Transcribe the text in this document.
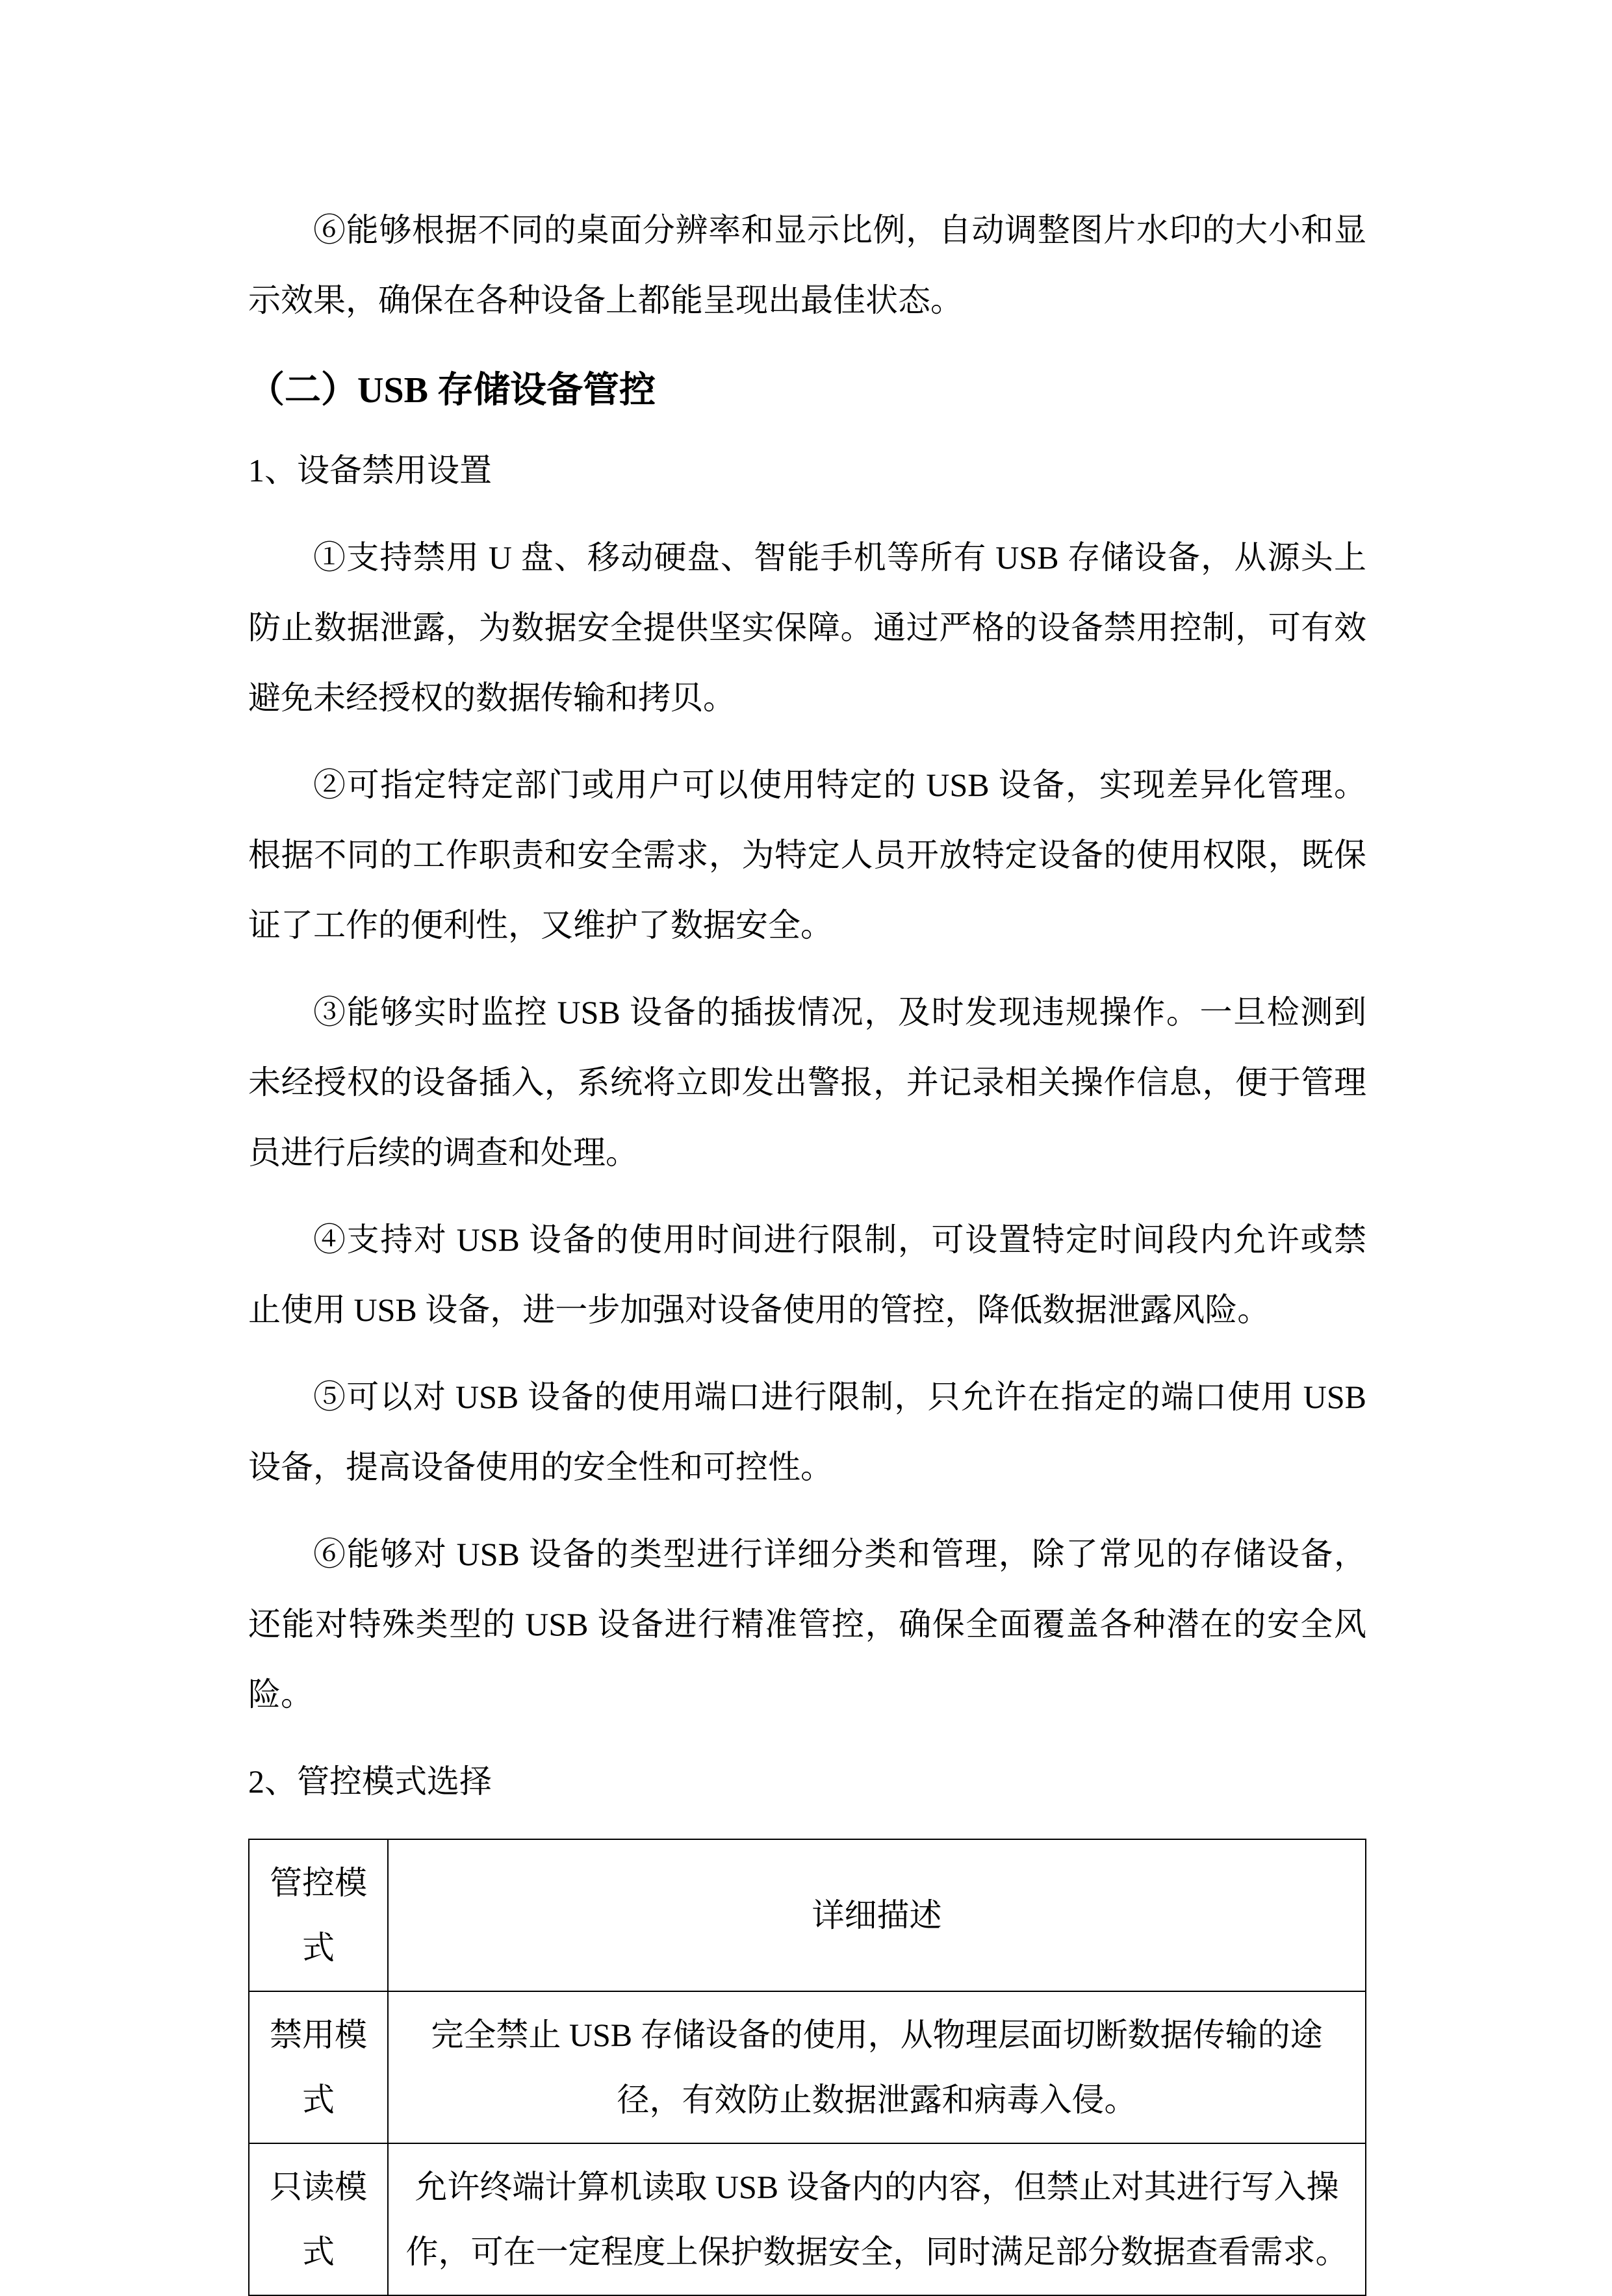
⑥能够根据不同的桌面分辨率和显示比例，自动调整图片水印的大小和显示效果，确保在各种设备上都能呈现出最佳状态。

（二）USB 存储设备管控

1、设备禁用设置

①支持禁用 U 盘、移动硬盘、智能手机等所有 USB 存储设备，从源头上防止数据泄露，为数据安全提供坚实保障。通过严格的设备禁用控制，可有效避免未经授权的数据传输和拷贝。

②可指定特定部门或用户可以使用特定的 USB 设备，实现差异化管理。根据不同的工作职责和安全需求，为特定人员开放特定设备的使用权限，既保证了工作的便利性，又维护了数据安全。

③能够实时监控 USB 设备的插拔情况，及时发现违规操作。一旦检测到未经授权的设备插入，系统将立即发出警报，并记录相关操作信息，便于管理员进行后续的调查和处理。

④支持对 USB 设备的使用时间进行限制，可设置特定时间段内允许或禁止使用 USB 设备，进一步加强对设备使用的管控，降低数据泄露风险。

⑤可以对 USB 设备的使用端口进行限制，只允许在指定的端口使用 USB 设备，提高设备使用的安全性和可控性。

⑥能够对 USB 设备的类型进行详细分类和管理，除了常见的存储设备，还能对特殊类型的 USB 设备进行精准管控，确保全面覆盖各种潜在的安全风险。

2、管控模式选择

管控模式	详细描述
禁用模式	完全禁止 USB 存储设备的使用，从物理层面切断数据传输的途径，有效防止数据泄露和病毒入侵。
只读模式	允许终端计算机读取 USB 设备内的内容，但禁止对其进行写入操作，可在一定程度上保护数据安全，同时满足部分数据查看需求。
